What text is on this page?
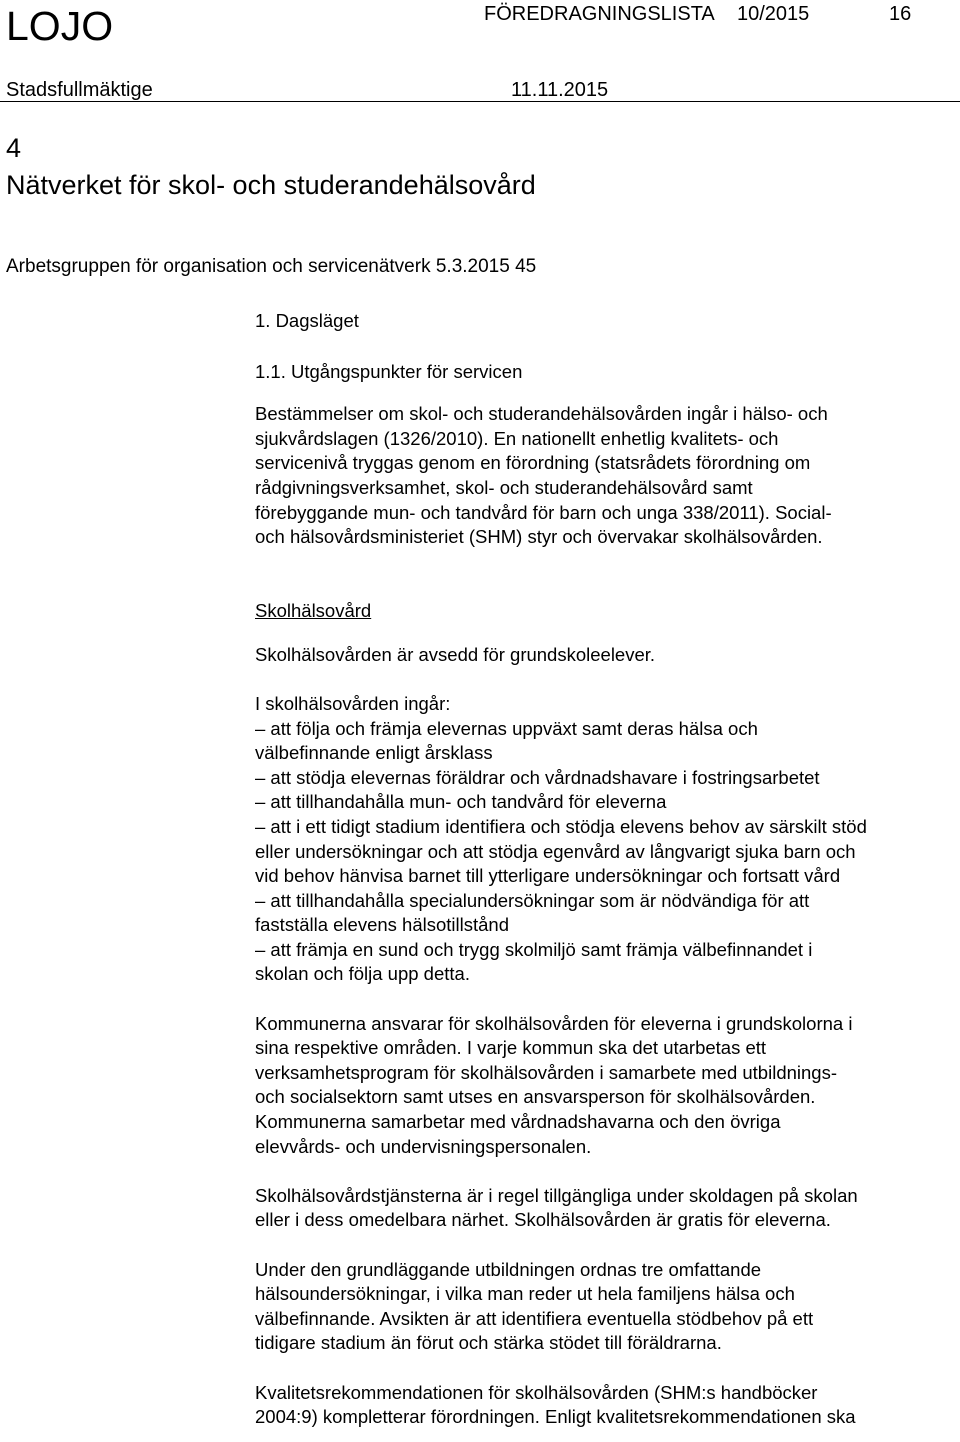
LOJO	FÖREDRAGNINGSLISTA 10/2015	16
Stadsfullmäktige	11.11.2015
4
Nätverket för skol- och studerandehälsovård
Arbetsgruppen för organisation och servicenätverk 5.3.2015 45

1. Dagsläget

1.1. Utgångspunkter för servicen

Bestämmelser om skol- och studerandehälsovården ingår i hälso- och
sjukvårdslagen (1326/2010). En nationellt enhetlig kvalitets- och
servicenivå tryggas genom en förordning (statsrådets förordning om
rådgivningsverksamhet, skol- och studerandehälsovård samt
förebyggande mun- och tandvård för barn och unga 338/2011). Social-
och hälsovårdsministeriet (SHM) styr och övervakar skolhälsovården.

Skolhälsovård

Skolhälsovården är avsedd för grundskoleelever.

I skolhälsovården ingår:

– att följa och främja elevernas uppväxt samt deras hälsa och
välbefinnande enligt årsklass
– att stödja elevernas föräldrar och vårdnadshavare i fostringsarbetet
– att tillhandahålla mun- och tandvård för eleverna
– att i ett tidigt stadium identifiera och stödja elevens behov av särskilt stöd
eller undersökningar och att stödja egenvård av långvarigt sjuka barn och
vid behov hänvisa barnet till ytterligare undersökningar och fortsatt vård
– att tillhandahålla specialundersökningar som är nödvändiga för att
fastställa elevens hälsotillstånd
– att främja en sund och trygg skolmiljö samt främja välbefinnandet i
skolan och följa upp detta.

Kommunerna ansvarar för skolhälsovården för eleverna i grundskolorna i
sina respektive områden. I varje kommun ska det utarbetas ett
verksamhetsprogram för skolhälsovården i samarbete med utbildnings-
och socialsektorn samt utses en ansvarsperson för skolhälsovården.
Kommunerna samarbetar med vårdnadshavarna och den övriga
elevvårds- och undervisningspersonalen.

Skolhälsovårdstjänsterna är i regel tillgängliga under skoldagen på skolan
eller i dess omedelbara närhet. Skolhälsovården är gratis för eleverna.

Under den grundläggande utbildningen ordnas tre omfattande
hälsoundersökningar, i vilka man reder ut hela familjens hälsa och
välbefinnande. Avsikten är att identifiera eventuella stödbehov på ett
tidigare stadium än förut och stärka stödet till föräldrarna.

Kvalitetsrekommendationen för skolhälsovården (SHM:s handböcker
2004:9) kompletterar förordningen. Enligt kvalitetsrekommendationen ska
